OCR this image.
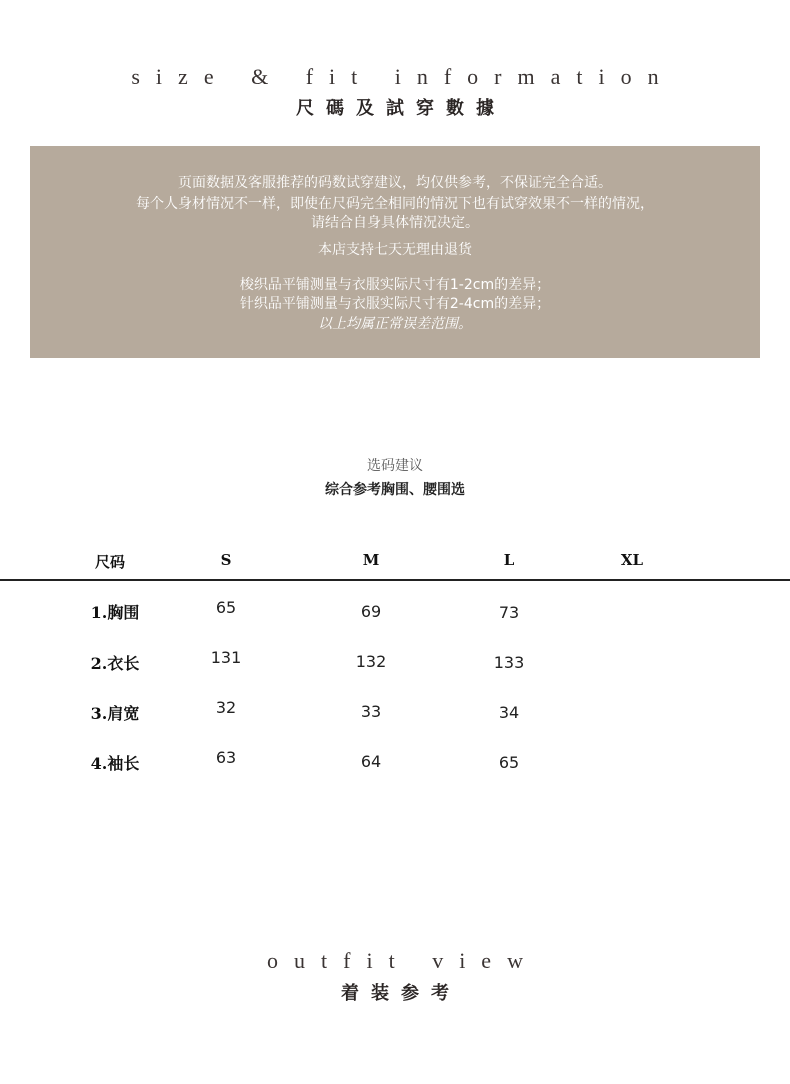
size & fit information
尺碼及試穿數據
页面数据及客服推荐的码数试穿建议，均仅供参考，不保证完全合适。
每个人身材情况不一样，即使在尺码完全相同的情况下也有试穿效果不一样的情况，
请结合自身具体情况决定。
本店支持七天无理由退货
梭织品平铺测量与衣服实际尺寸有1-2cm的差异；
针织品平铺测量与衣服实际尺寸有2-4cm的差异；
以上均属正常误差范围。
选码建议
综合参考胸围、腰围选
尺码	S	M	L	XL
1.胸围	65	69	73
2.衣长	131	132	133
3.肩宽	32	33	34
4.袖长	63	64	65
outfit view
着装参考
